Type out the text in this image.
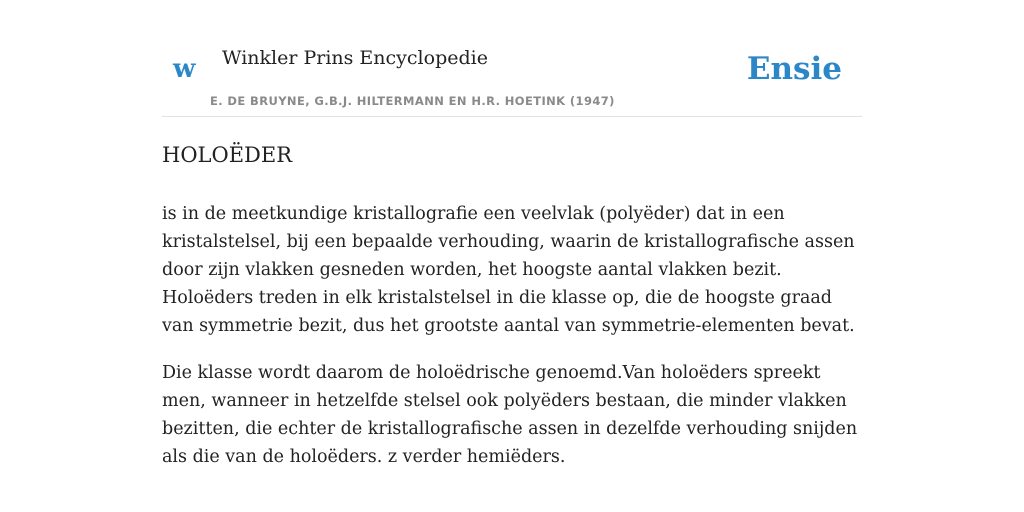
w Winkler Prins Encyclopedie
E. DE BRUYNE, G.B.J. HILTERMANN EN H.R. HOETINK (1947)
Ensie
HOLOËDER

is in de meetkundige kristallografie een veelvlak (polyëder) dat in een kristalstelsel, bij een bepaalde verhouding, waarin de kristallografische assen door zijn vlakken gesneden worden, het hoogste aantal vlakken bezit. Holoëders treden in elk kristalstelsel in die klasse op, die de hoogste graad van symmetrie bezit, dus het grootste aantal van symmetrie-elementen bevat.

Die klasse wordt daarom de holoëdrische genoemd.Van holoëders spreekt men, wanneer in hetzelfde stelsel ook polyëders bestaan, die minder vlakken bezitten, die echter de kristallografische assen in dezelfde verhouding snijden als die van de holoëders. z verder hemiëders.
